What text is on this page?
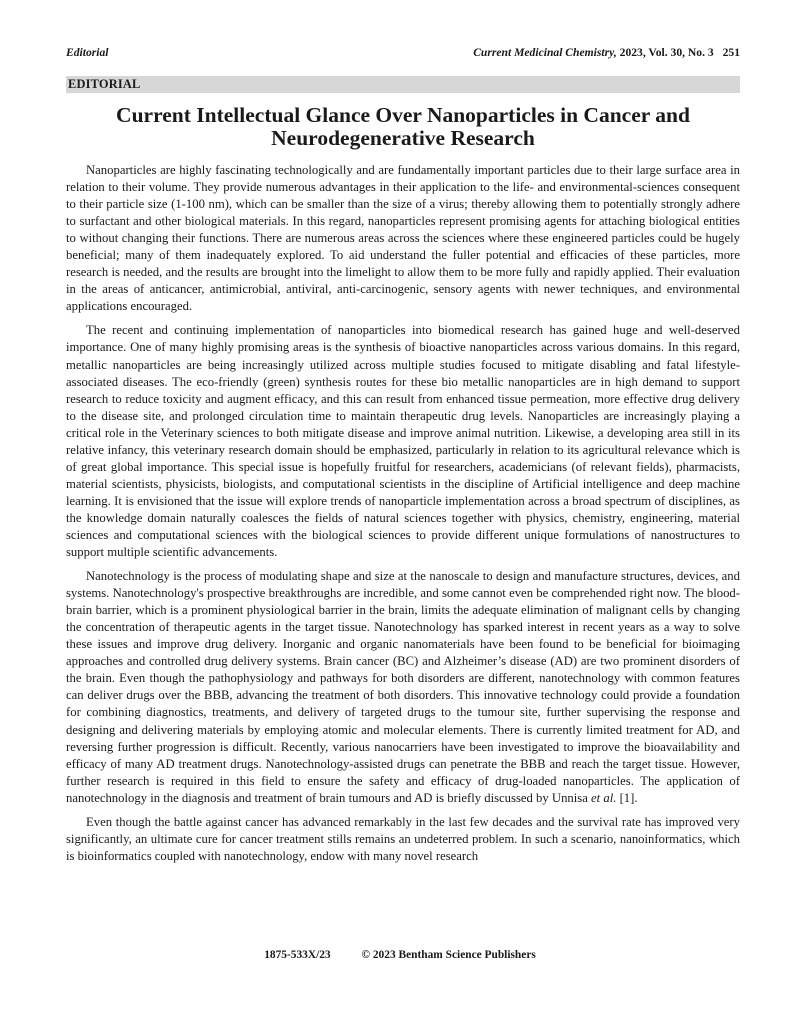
Editorial	Current Medicinal Chemistry, 2023, Vol. 30, No. 3 251
EDITORIAL
Current Intellectual Glance Over Nanoparticles in Cancer and Neurodegenerative Research

Nanoparticles are highly fascinating technologically and are fundamentally important particles due to their large surface area in relation to their volume. They provide numerous advantages in their application to the life- and environmental-sciences consequent to their particle size (1-100 nm), which can be smaller than the size of a virus; thereby allowing them to potentially strongly adhere to surfactant and other biological materials. In this regard, nanoparticles represent promising agents for attaching biological entities to without changing their functions. There are numerous areas across the sciences where these engineered particles could be hugely beneficial; many of them inadequately explored. To aid understand the fuller potential and efficacies of these particles, more research is needed, and the results are brought into the limelight to allow them to be more fully and rapidly applied. Their evaluation in the areas of anticancer, antimicrobial, antiviral, anti-carcinogenic, sensory agents with newer techniques, and environmental applications encouraged.

The recent and continuing implementation of nanoparticles into biomedical research has gained huge and well-deserved importance. One of many highly promising areas is the synthesis of bioactive nanoparticles across various domains. In this regard, metallic nanoparticles are being increasingly utilized across multiple studies focused to mitigate disabling and fatal lifestyle-associated diseases. The eco-friendly (green) synthesis routes for these bio metallic nanoparticles are in high demand to support research to reduce toxicity and augment efficacy, and this can result from enhanced tissue permeation, more effective drug delivery to the disease site, and prolonged circulation time to maintain therapeutic drug levels. Nanoparticles are increasingly playing a critical role in the Veterinary sciences to both mitigate disease and improve animal nutrition. Likewise, a developing area still in its relative infancy, this veterinary research domain should be emphasized, particularly in relation to its agricultural relevance which is of great global importance. This special issue is hopefully fruitful for researchers, academicians (of relevant fields), pharmacists, material scientists, physicists, biologists, and computational scientists in the discipline of Artificial intelligence and deep machine learning. It is envisioned that the issue will explore trends of nanoparticle implementation across a broad spectrum of disciplines, as the knowledge domain naturally coalesces the fields of natural sciences together with physics, chemistry, engineering, material sciences and computational sciences with the biological sciences to provide different unique formulations of nanostructures to support multiple scientific advancements.

Nanotechnology is the process of modulating shape and size at the nanoscale to design and manufacture structures, devices, and systems. Nanotechnology's prospective breakthroughs are incredible, and some cannot even be comprehended right now. The blood-brain barrier, which is a prominent physiological barrier in the brain, limits the adequate elimination of malignant cells by changing the concentration of therapeutic agents in the target tissue. Nanotechnology has sparked interest in recent years as a way to solve these issues and improve drug delivery. Inorganic and organic nanomaterials have been found to be beneficial for bioimaging approaches and controlled drug delivery systems. Brain cancer (BC) and Alzheimer’s disease (AD) are two prominent disorders of the brain. Even though the pathophysiology and pathways for both disorders are different, nanotechnology with common features can deliver drugs over the BBB, advancing the treatment of both disorders. This innovative technology could provide a foundation for combining diagnostics, treatments, and delivery of targeted drugs to the tumour site, further supervising the response and designing and delivering materials by employing atomic and molecular elements. There is currently limited treatment for AD, and reversing further progression is difficult. Recently, various nanocarriers have been investigated to improve the bioavailability and efficacy of many AD treatment drugs. Nanotechnology-assisted drugs can penetrate the BBB and reach the target tissue. However, further research is required in this field to ensure the safety and efficacy of drug-loaded nanoparticles. The application of nanotechnology in the diagnosis and treatment of brain tumours and AD is briefly discussed by Unnisa et al. [1].

Even though the battle against cancer has advanced remarkably in the last few decades and the survival rate has improved very significantly, an ultimate cure for cancer treatment stills remains an undeterred problem. In such a scenario, nanoinformatics, which is bioinformatics coupled with nanotechnology, endow with many novel research

1875-533X/23	© 2023 Bentham Science Publishers
